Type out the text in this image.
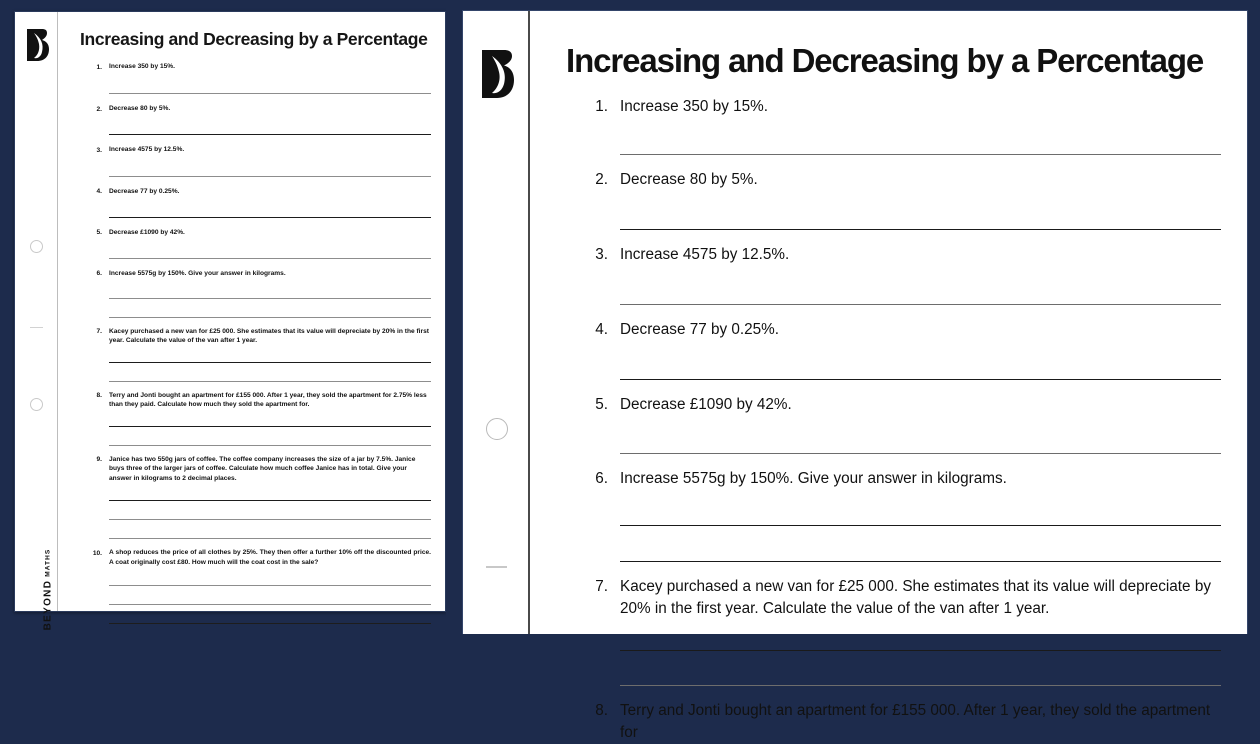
BEYONDMATHS
Increasing and Decreasing by a Percentage
1.	Increase 350 by 15%.
2.	Decrease 80 by 5%.
3.	Increase 4575 by 12.5%.
4.	Decrease 77 by 0.25%.
5.	Decrease £1090 by 42%.
6.	Increase 5575g by 150%. Give your answer in kilograms.
7.	Kacey purchased a new van for £25 000. She estimates that its value will depreciate by 20% in the first year. Calculate the value of the van after 1 year.
8.	Terry and Jonti bought an apartment for £155 000. After 1 year, they sold the apartment for 2.75% less than they paid. Calculate how much they sold the apartment for.
9.	Janice has two 550g jars of coffee. The coffee company increases the size of a jar by 7.5%. Janice buys three of the larger jars of coffee. Calculate how much coffee Janice has in total. Give your answer in kilograms to 2 decimal places.
10.	A shop reduces the price of all clothes by 25%. They then offer a further 10% off the discounted price. A coat originally cost £80. How much will the coat cost in the sale?
Increasing and Decreasing by a Percentage
1. Increase 350 by 15%.
2. Decrease 80 by 5%.
3. Increase 4575 by 12.5%.
4. Decrease 77 by 0.25%.
5. Decrease £1090 by 42%.
6. Increase 5575g by 150%. Give your answer in kilograms.
7. Kacey purchased a new van for £25 000. She estimates that its value will depreciate by 20% in the first year. Calculate the value of the van after 1 year.
8. Terry and Jonti bought an apartment for £155 000. After 1 year, they sold the apartment for
